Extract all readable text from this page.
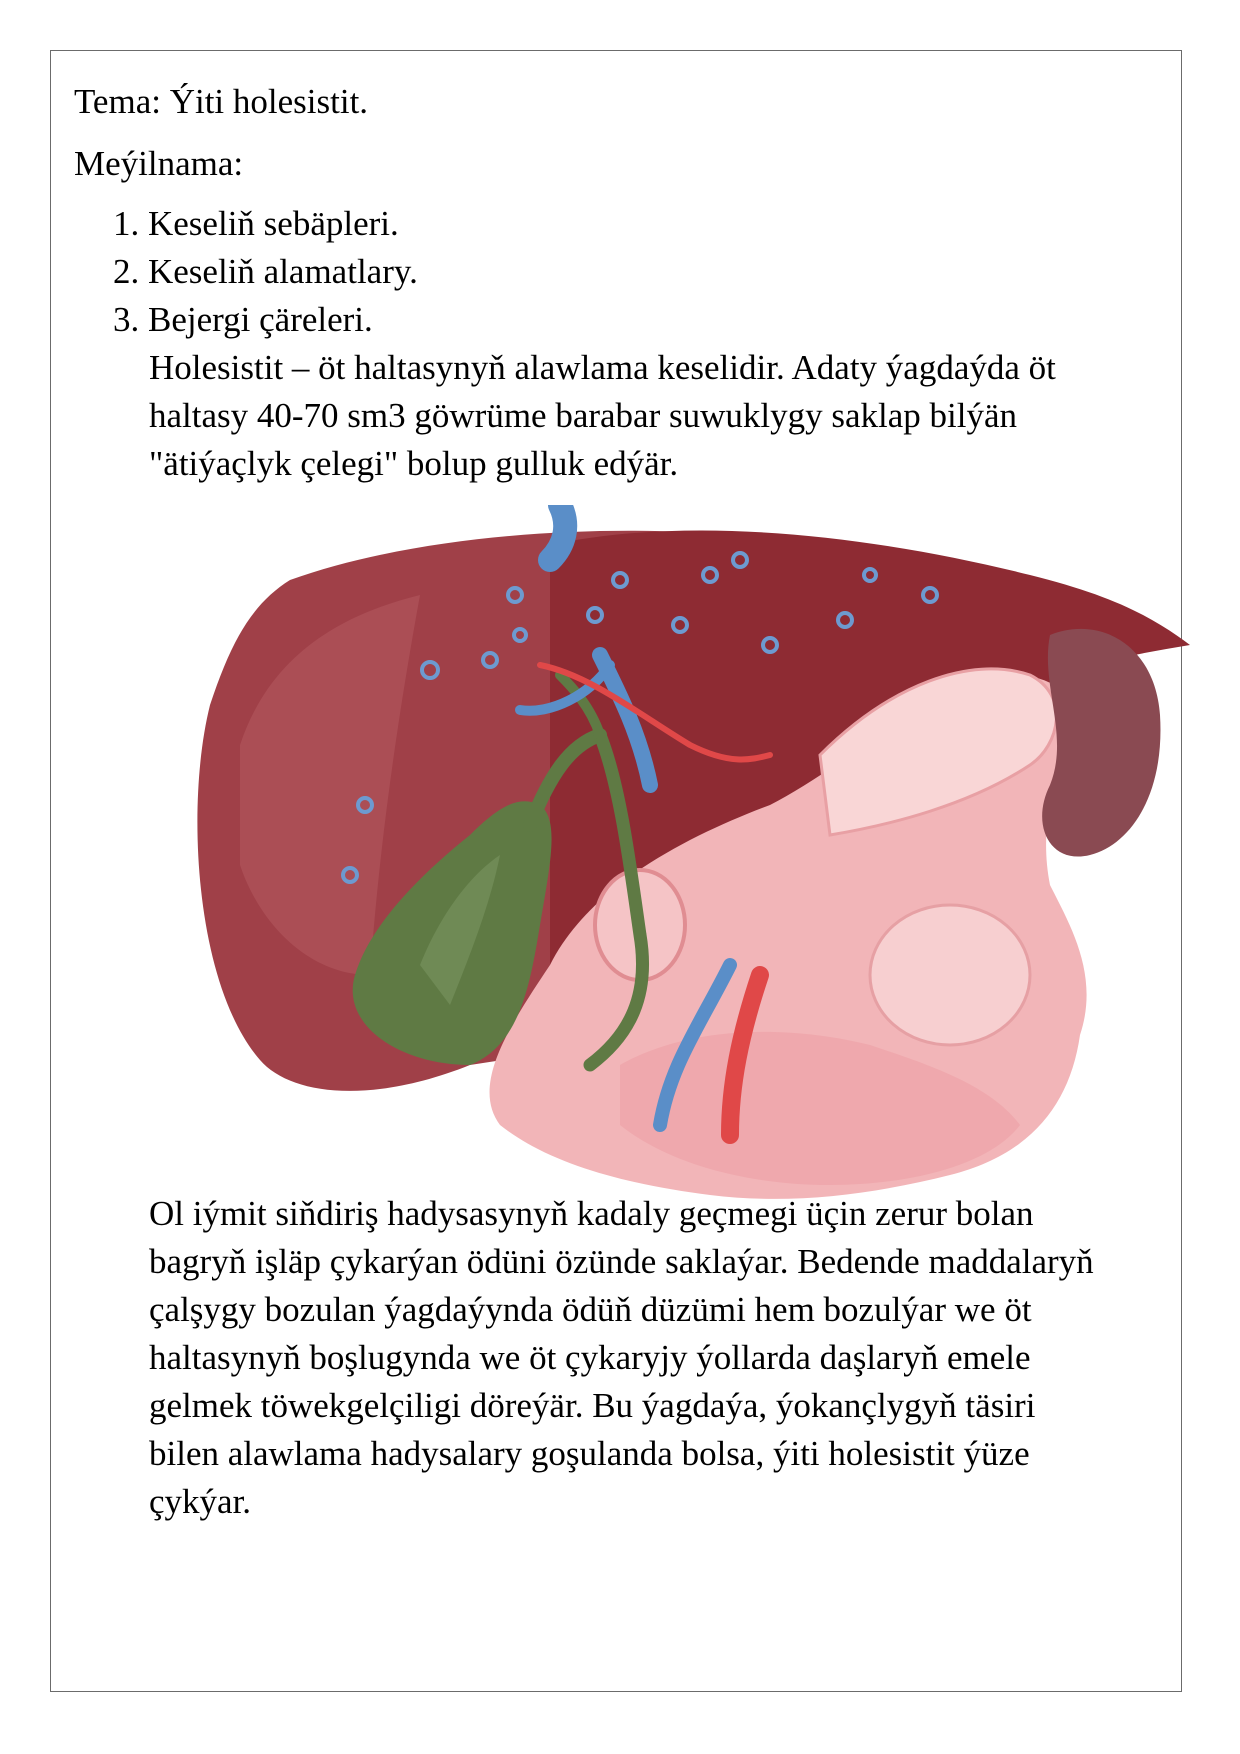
Tema: Ýiti holesistit.
Meýilnama:
1. Keseliň sebäpleri.
2. Keseliň alamatlary.
3. Bejergi çäreleri.
Holesistit – öt haltasynyň alawlama keselidir. Adaty ýagdaýda öt
haltasy 40-70 sm3 göwrüme barabar suwuklygy saklap bilýän
"ätiýaçlyk çelegi" bolup gulluk edýär.
Ol iýmit siňdiriş hadysasynyň kadaly geçmegi üçin zerur bolan
bagryň işläp çykarýan ödüni özünde saklaýar. Bedende maddalaryň
çalşygy bozulan ýagdaýynda ödüň düzümi hem bozulýar we öt
haltasynyň boşlugynda we öt çykaryjy ýollarda daşlaryň emele
gelmek töwekgelçiligi döreýär. Bu ýagdaýa, ýokançlygyň täsiri
bilen alawlama hadysalary goşulanda bolsa, ýiti holesistit ýüze
çykýar.
